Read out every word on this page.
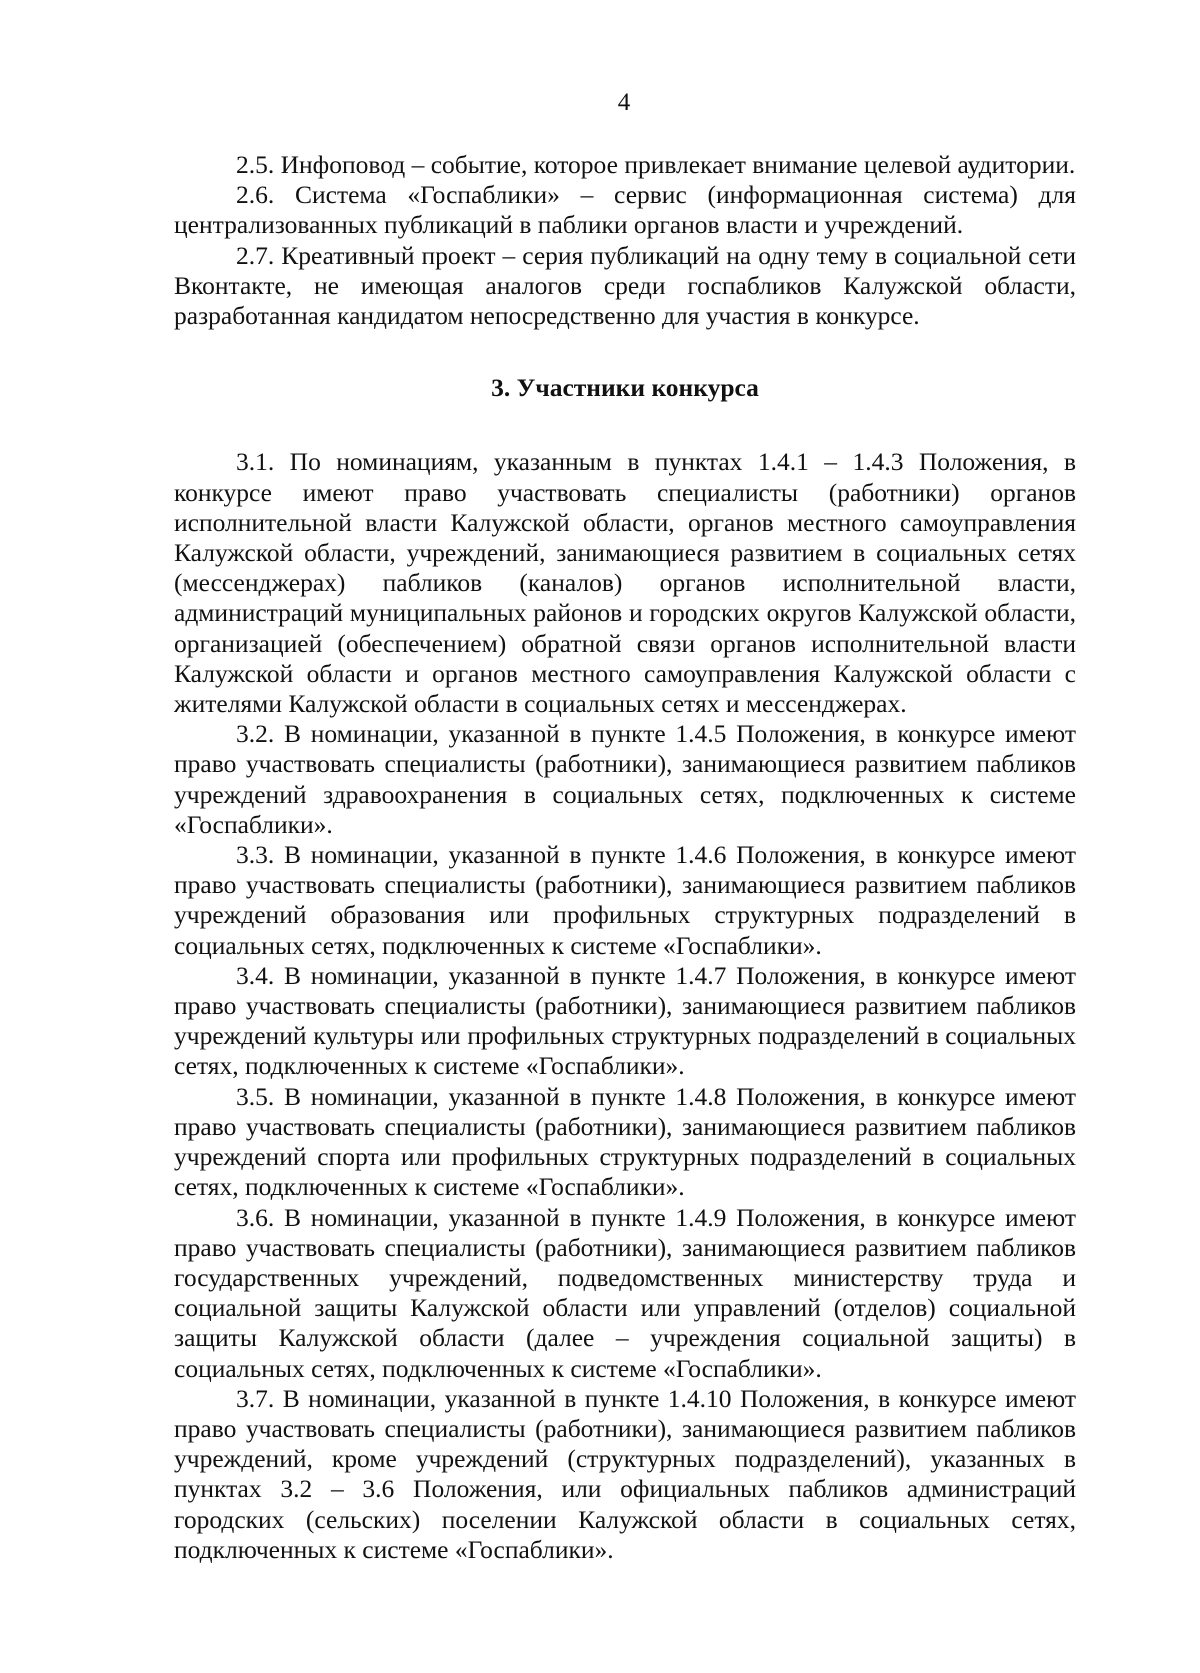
4

2.5. Инфоповод – событие, которое привлекает внимание целевой аудитории.

2.6. Система «Госпаблики» – сервис (информационная система) для централизованных публикаций в паблики органов власти и учреждений.

2.7. Креативный проект – серия публикаций на одну тему в социальной сети Вконтакте, не имеющая аналогов среди госпабликов Калужской области, разработанная кандидатом непосредственно для участия в конкурсе.

3. Участники конкурса

3.1. По номинациям, указанным в пунктах 1.4.1 – 1.4.3 Положения, в конкурсе имеют право участвовать специалисты (работники) органов исполнительной власти Калужской области, органов местного самоуправления Калужской области, учреждений, занимающиеся развитием в социальных сетях (мессенджерах) пабликов (каналов) органов исполнительной власти, администраций муниципальных районов и городских округов Калужской области, организацией (обеспечением) обратной связи органов исполнительной власти Калужской области и органов местного самоуправления Калужской области с жителями Калужской области в социальных сетях и мессенджерах.

3.2. В номинации, указанной в пункте 1.4.5 Положения, в конкурсе имеют право участвовать специалисты (работники), занимающиеся развитием пабликов учреждений здравоохранения в социальных сетях, подключенных к системе «Госпаблики».

3.3. В номинации, указанной в пункте 1.4.6 Положения, в конкурсе имеют право участвовать специалисты (работники), занимающиеся развитием пабликов учреждений образования или профильных структурных подразделений в социальных сетях, подключенных к системе «Госпаблики».

3.4. В номинации, указанной в пункте 1.4.7 Положения, в конкурсе имеют право участвовать специалисты (работники), занимающиеся развитием пабликов учреждений культуры или профильных структурных подразделений в социальных сетях, подключенных к системе «Госпаблики».

3.5. В номинации, указанной в пункте 1.4.8 Положения, в конкурсе имеют право участвовать специалисты (работники), занимающиеся развитием пабликов учреждений спорта или профильных структурных подразделений в социальных сетях, подключенных к системе «Госпаблики».

3.6. В номинации, указанной в пункте 1.4.9 Положения, в конкурсе имеют право участвовать специалисты (работники), занимающиеся развитием пабликов государственных учреждений, подведомственных министерству труда и социальной защиты Калужской области или управлений (отделов) социальной защиты Калужской области (далее – учреждения социальной защиты) в социальных сетях, подключенных к системе «Госпаблики».

3.7. В номинации, указанной в пункте 1.4.10 Положения, в конкурсе имеют право участвовать специалисты (работники), занимающиеся развитием пабликов учреждений, кроме учреждений (структурных подразделений), указанных в пунктах 3.2 – 3.6 Положения, или официальных пабликов администраций городских (сельских) поселении Калужской области в социальных сетях, подключенных к системе «Госпаблики».
